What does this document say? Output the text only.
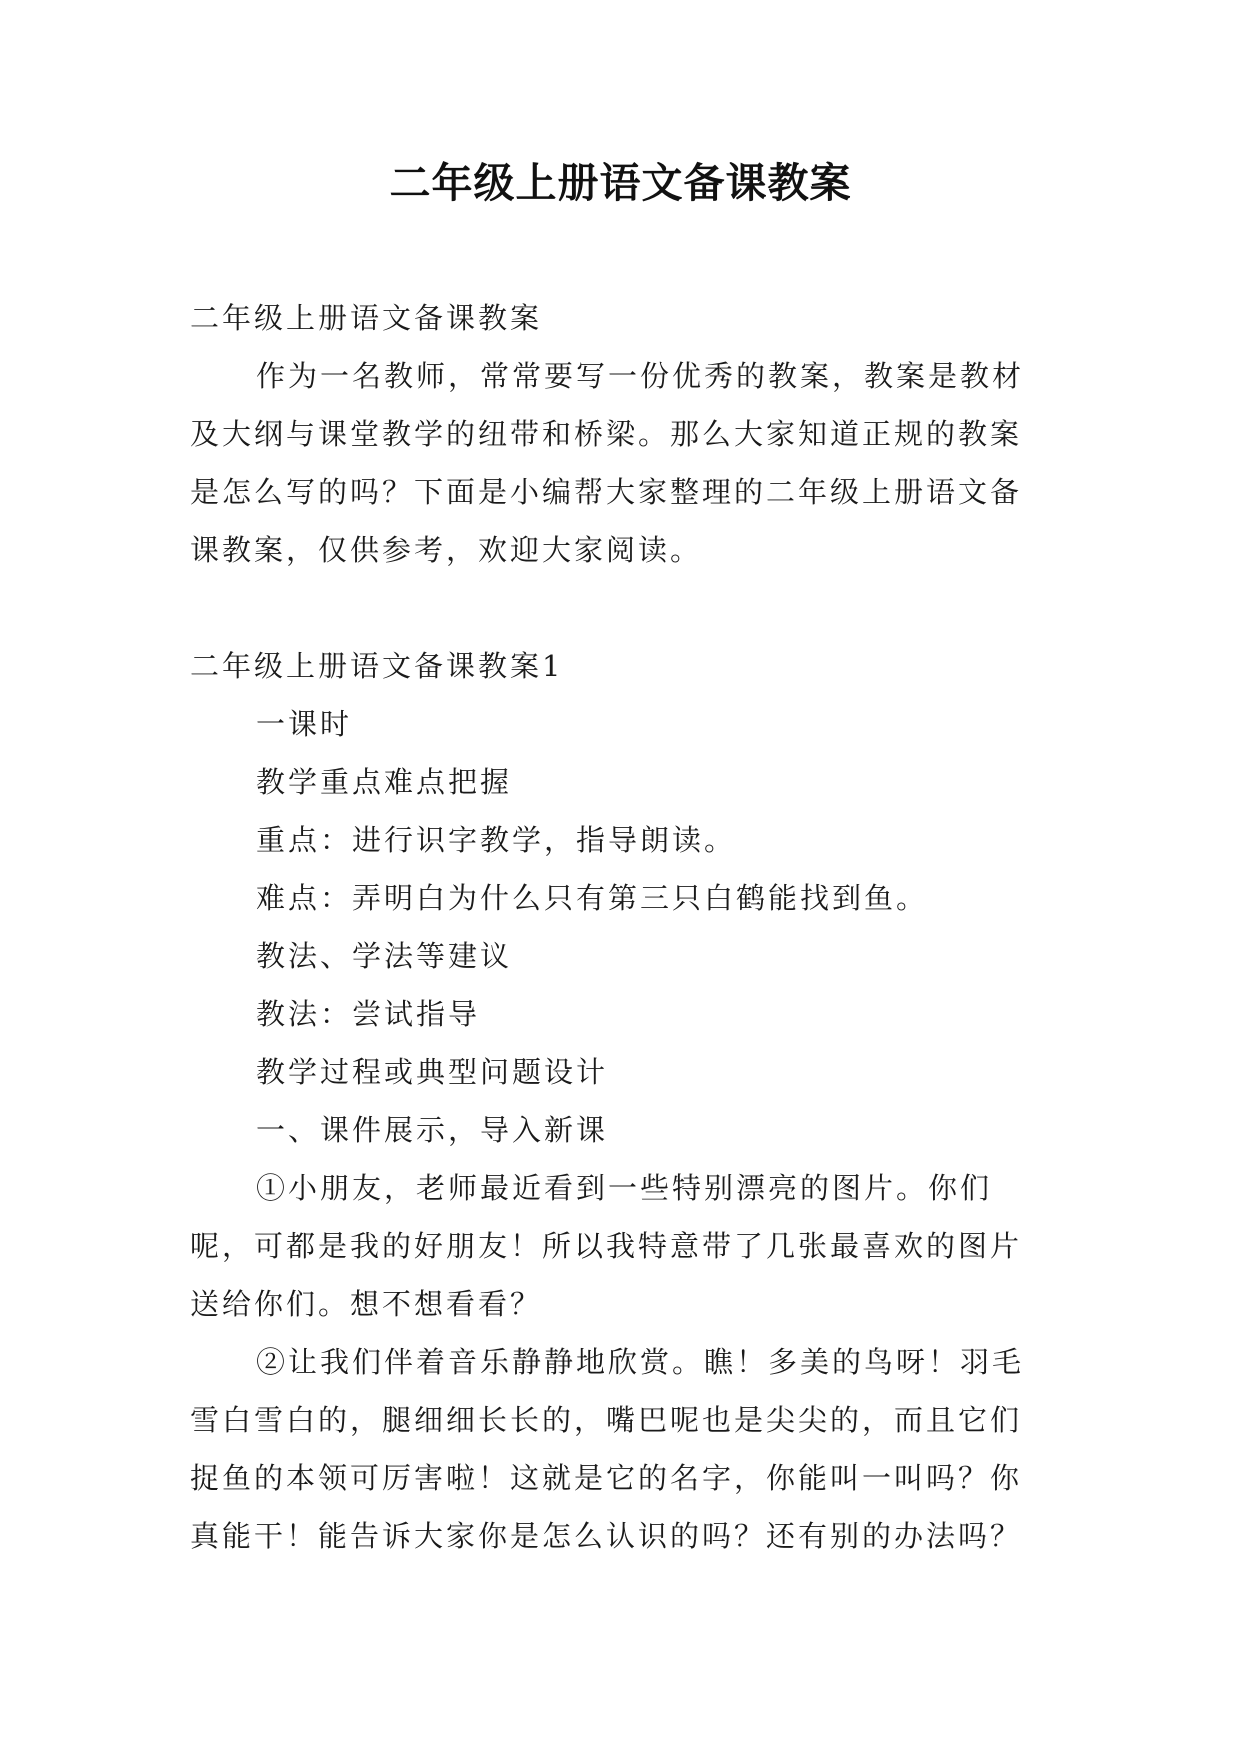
二年级上册语文备课教案

二年级上册语文备课教案

作为一名教师，常常要写一份优秀的教案，教案是教材及大纲与课堂教学的纽带和桥梁。那么大家知道正规的教案是怎么写的吗？下面是小编帮大家整理的二年级上册语文备课教案，仅供参考，欢迎大家阅读。

二年级上册语文备课教案1

一课时

教学重点难点把握

重点：进行识字教学，指导朗读。

难点：弄明白为什么只有第三只白鹤能找到鱼。

教法、学法等建议

教法：尝试指导

教学过程或典型问题设计

一、课件展示，导入新课

①小朋友，老师最近看到一些特别漂亮的图片。你们呢，可都是我的好朋友！所以我特意带了几张最喜欢的图片送给你们。想不想看看？

②让我们伴着音乐静静地欣赏。瞧！多美的鸟呀！羽毛雪白雪白的，腿细细长长的，嘴巴呢也是尖尖的，而且它们捉鱼的本领可厉害啦！这就是它的名字，你能叫一叫吗？你真能干！能告诉大家你是怎么认识的吗？还有别的办法吗？
